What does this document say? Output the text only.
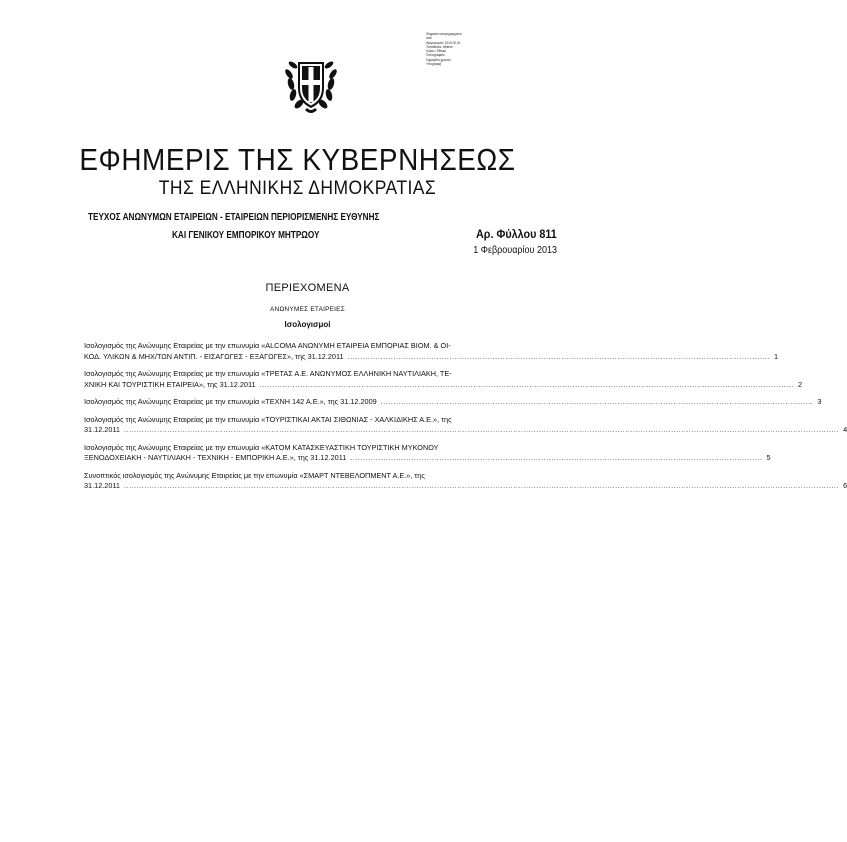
Ψηφιακά υπογεγραμμένο
από
Ημερομηνία: 2013.02.01
Τοποθεσία: Athens
Λόγος: Εθνικό
Τυπογραφείο
Σφραγίδα χρόνου
Υπογραφή
ΕΦΗΜΕΡΙΣ ΤΗΣ ΚΥΒΕΡΝΗΣΕΩΣ
ΤΗΣ ΕΛΛΗΝΙΚΗΣ ΔΗΜΟΚΡΑΤΙΑΣ
ΤΕΥΧΟΣ ΑΝΩΝΥΜΩΝ ΕΤΑΙΡΕΙΩΝ - ΕΤΑΙΡΕΙΩΝ ΠΕΡΙΟΡΙΣΜΕΝΗΣ ΕΥΘΥΝΗΣ
ΚΑΙ ΓΕΝΙΚΟΥ ΕΜΠΟΡΙΚΟΥ ΜΗΤΡΩΟΥ	Αρ. Φύλλου 811
1 Φεβρουαρίου 2013
ΠΕΡΙΕΧΟΜΕΝΑ
ΑΝΩΝΥΜΕΣ ΕΤΑΙΡΕΙΕΣ
Ισολογισμοί
Ισολογισμός της Ανώνυμης Εταιρείας με την επωνυμία «ALCOMA ΑΝΩΝΥΜΗ ΕΤΑΙΡΕΙΑ ΕΜΠΟΡΙΑΣ ΒΙΟΜ. & ΟΙ-
ΚΟΔ. ΥΛΙΚΩΝ & ΜΗΧ/ΤΩΝ ΑΝΤΙΠ. - ΕΙΣΑΓΩΓΕΣ - ΕΞΑΓΩΓΕΣ», της 31.12.2011 ...................................................................................................................................................................... 1
Ισολογισμός της Ανώνυμης Εταιρείας με την επωνυμία «ΤΡΕΤΑΣ Α.Ε. ΑΝΩΝΥΜΟΣ ΕΛΛΗΝΙΚΗ ΝΑΥΤΙΛΙΑΚΗ, ΤΕ-
ΧΝΙΚΗ ΚΑΙ ΤΟΥΡΙΣΤΙΚΗ ΕΤΑΙΡΕΙΑ», της 31.12.2011 .................................................................................................................................................................................................................. 2
Ισολογισμός της Ανώνυμης Εταιρείας με την επωνυμία «ΤΕΧΝΗ 142 Α.Ε.», της 31.12.2009 .......................................................................................................................................................................... 3
Ισολογισμός της Ανώνυμης Εταιρείας με την επωνυμία «ΤΟΥΡΙΣΤΙΚΑΙ ΑΚΤΑΙ ΣΙΘΩΝΙΑΣ - ΧΑΛΚΙΔΙΚΗΣ Α.Ε.», της
31.12.2011 ......................................................................................................................................................................................................................................................................................... 4
Ισολογισμός της Ανώνυμης Εταιρείας με την επωνυμία «ΚΑΤΟΜ ΚΑΤΑΣΚΕΥΑΣΤΙΚΗ ΤΟΥΡΙΣΤΙΚΗ ΜΥΚΟΝΟΥ
ΞΕΝΟΔΟΧΕΙΑΚΗ - ΝΑΥΤΙΛΙΑΚΗ - ΤΕΧΝΙΚΗ - ΕΜΠΟΡΙΚΗ Α.Ε.», της 31.12.2011 .................................................................................................................................................................. 5
Συνοπτικός ισολογισμός της Ανώνυμης Εταιρείας με την επωνυμία «ΣΜΑΡΤ ΝΤΕΒΕΛΟΠΜΕΝΤ Α.Ε.», της
31.12.2011 ......................................................................................................................................................................................................................................................................................... 6
